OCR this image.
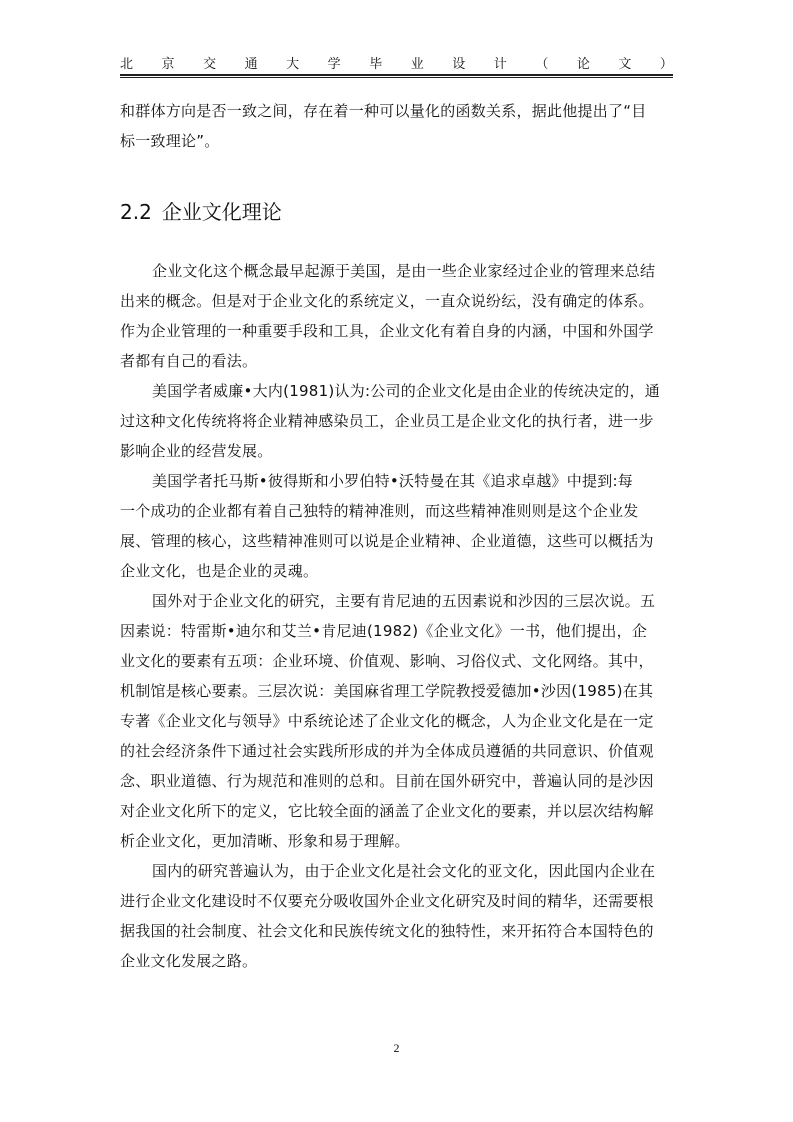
北 京 交 通 大 学 毕 业 设 计 （ 论 文 ）
和群体方向是否一致之间，存在着一种可以量化的函数关系，据此他提出了“目
标一致理论”。
2.2 企业文化理论
企业文化这个概念最早起源于美国，是由一些企业家经过企业的管理来总结
出来的概念。但是对于企业文化的系统定义，一直众说纷纭，没有确定的体系。
作为企业管理的一种重要手段和工具，企业文化有着自身的内涵，中国和外国学
者都有自己的看法。
美国学者威廉•大内(1981)认为:公司的企业文化是由企业的传统决定的，通
过这种文化传统将将企业精神感染员工，企业员工是企业文化的执行者，进一步
影响企业的经营发展。
美国学者托马斯•彼得斯和小罗伯特•沃特曼在其《追求卓越》中提到:每
一个成功的企业都有着自己独特的精神准则，而这些精神准则则是这个企业发
展、管理的核心，这些精神准则可以说是企业精神、企业道德，这些可以概括为
企业文化，也是企业的灵魂。
国外对于企业文化的研究，主要有肯尼迪的五因素说和沙因的三层次说。五
因素说：特雷斯•迪尔和艾兰•肯尼迪(1982)《企业文化》一书，他们提出，企
业文化的要素有五项：企业环境、价值观、影响、习俗仪式、文化网络。其中，
机制馆是核心要素。三层次说：美国麻省理工学院教授爱德加•沙因(1985)在其
专著《企业文化与领导》中系统论述了企业文化的概念，人为企业文化是在一定
的社会经济条件下通过社会实践所形成的并为全体成员遵循的共同意识、价值观
念、职业道德、行为规范和准则的总和。目前在国外研究中，普遍认同的是沙因
对企业文化所下的定义，它比较全面的涵盖了企业文化的要素，并以层次结构解
析企业文化，更加清晰、形象和易于理解。
国内的研究普遍认为，由于企业文化是社会文化的亚文化，因此国内企业在
进行企业文化建设时不仅要充分吸收国外企业文化研究及时间的精华，还需要根
据我国的社会制度、社会文化和民族传统文化的独特性，来开拓符合本国特色的
企业文化发展之路。
2
